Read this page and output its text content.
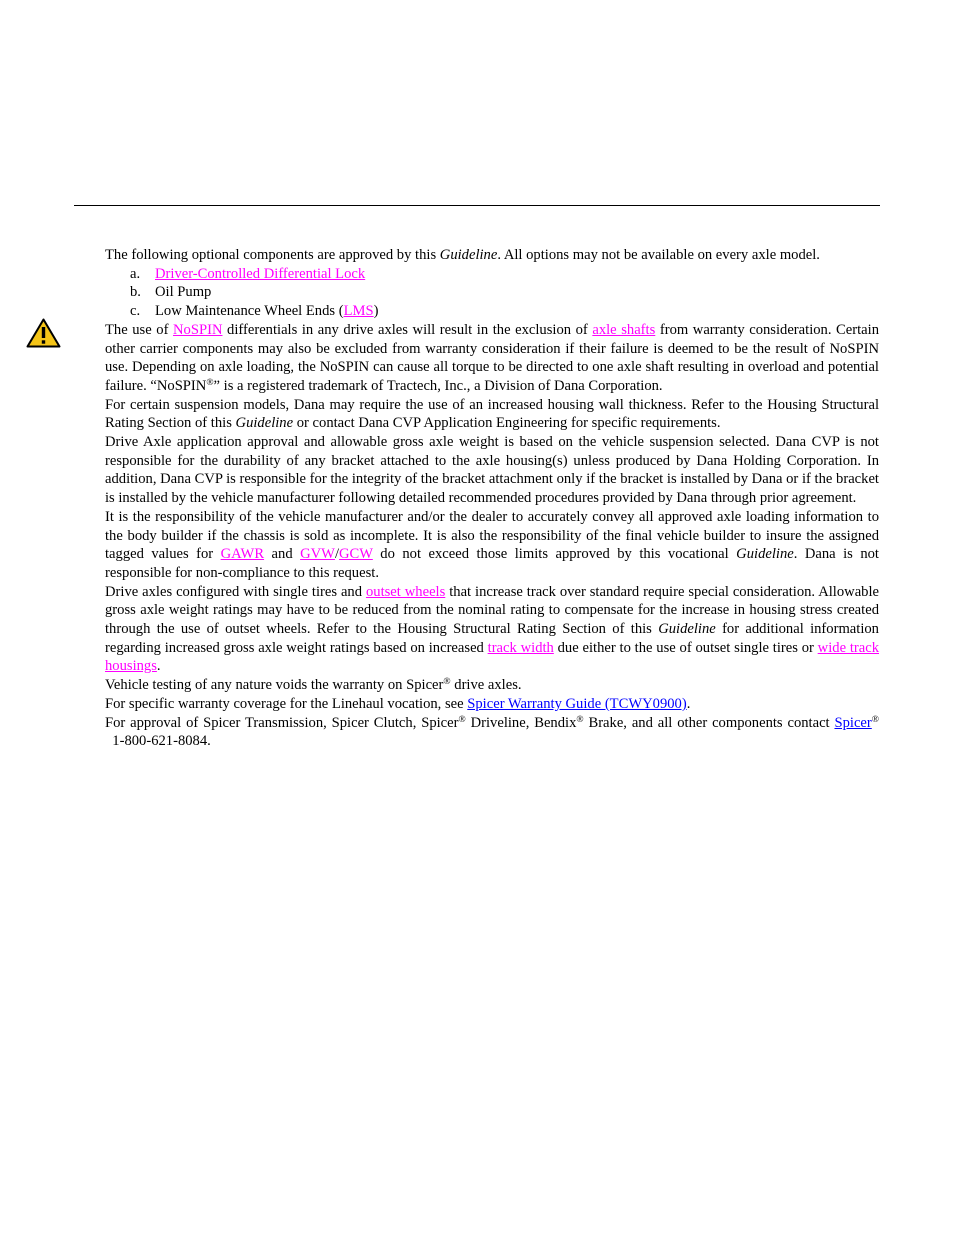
The following optional components are approved by this Guideline. All options may not be available on every axle model.

a.	Driver-Controlled Differential Lock
b. Oil Pump
c.	Low Maintenance Wheel Ends (LMS)

The use of NoSPIN differentials in any drive axles will result in the exclusion of axle shafts from warranty consideration. Certain other carrier components may also be excluded from warranty consideration if their failure is deemed to be the result of NoSPIN use. Depending on axle loading, the NoSPIN can cause all torque to be directed to one axle shaft resulting in overload and potential failure. “NoSPIN®” is a registered trademark of Tractech, Inc., a Division of Dana Corporation.

For certain suspension models, Dana may require the use of an increased housing wall thickness. Refer to the Housing Structural Rating Section of this Guideline or contact Dana CVP Application Engineering for specific requirements.

Drive Axle application approval and allowable gross axle weight is based on the vehicle suspension selected. Dana CVP is not responsible for the durability of any bracket attached to the axle housing(s) unless produced by Dana Holding Corporation. In addition, Dana CVP is responsible for the integrity of the bracket attachment only if the bracket is installed by Dana or if the bracket is installed by the vehicle manufacturer following detailed recommended procedures provided by Dana through prior agreement.

It is the responsibility of the vehicle manufacturer and/or the dealer to accurately convey all approved axle loading information to the body builder if the chassis is sold as incomplete. It is also the responsibility of the final vehicle builder to insure the assigned tagged values for GAWR and GVW/GCW do not exceed those limits approved by this vocational Guideline. Dana is not responsible for non-compliance to this request.

Drive axles configured with single tires and outset wheels that increase track over standard require special consideration. Allowable gross axle weight ratings may have to be reduced from the nominal rating to compensate for the increase in housing stress created through the use of outset wheels. Refer to the Housing Structural Rating Section of this Guideline for additional information regarding increased gross axle weight ratings based on increased track width due either to the use of outset single tires or wide track housings.

Vehicle testing of any nature voids the warranty on Spicer® drive axles.

For specific warranty coverage for the Linehaul vocation, see Spicer Warranty Guide (TCWY0900).

For approval of Spicer Transmission, Spicer Clutch, Spicer® Driveline, Bendix® Brake, and all other components contact Spicer®  1-800-621-8084.
